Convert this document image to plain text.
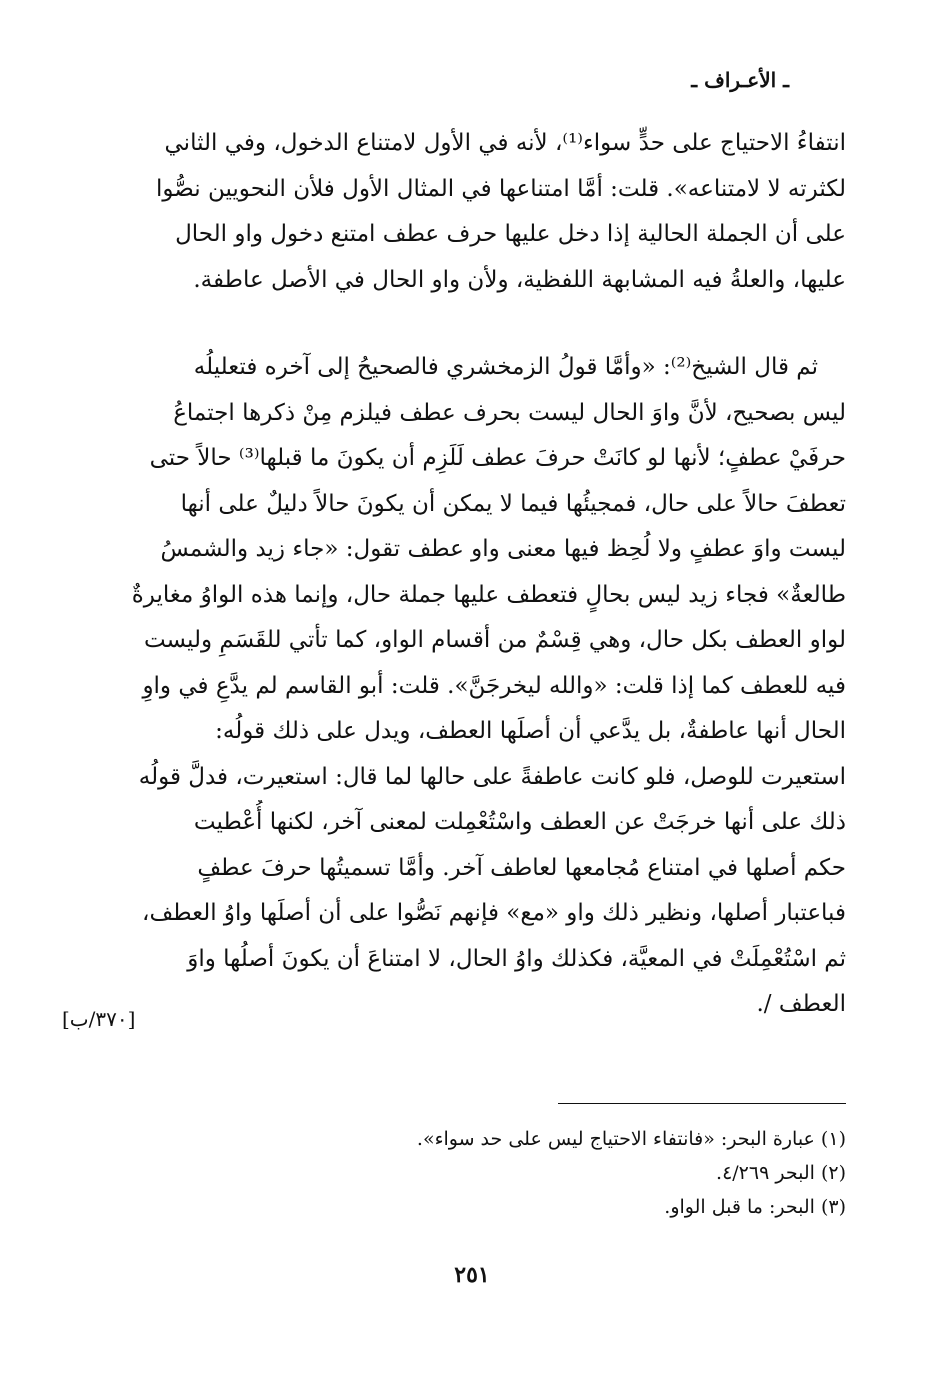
ـ الأعـراف ـ
انتفاءُ الاحتياج على حدٍّ سواء⁽¹⁾، لأنه في الأول لامتناع الدخول، وفي الثاني
لكثرته لا لامتناعه». قلت: أمَّا امتناعها في المثال الأول فلأن النحويين نصُّوا
على أن الجملة الحالية إذا دخل عليها حرف عطف امتنع دخول واو الحال
عليها، والعلةُ فيه المشابهة اللفظية، ولأن واو الحال في الأصل عاطفة.
ثم قال الشيخ⁽²⁾: «وأمَّا قولُ الزمخشري فالصحيحُ إلى آخره فتعليلُه
ليس بصحيح، لأنَّ واوَ الحال ليست بحرف عطف فيلزم مِنْ ذكرها اجتماعُ
حرفَيْ عطفٍ؛ لأنها لو كانَتْ حرفَ عطف لَلَزِم أن يكونَ ما قبلها⁽³⁾ حالاً حتى
تعطفَ حالاً على حال، فمجيئُها فيما لا يمكن أن يكونَ حالاً دليلٌ على أنها
ليست واوَ عطفٍ ولا لُحِظ فيها معنى واو عطف تقول: «جاء زيد والشمسُ
طالعةٌ» فجاء زيد ليس بحالٍ فتعطف عليها جملة حال، وإنما هذه الواوُ مغايرةٌ
لواو العطف بكل حال، وهي قِسْمٌ من أقسام الواو، كما تأتي للقَسَمِ وليست
فيه للعطف كما إذا قلت: «والله ليخرجَنَّ». قلت: أبو القاسم لم يدَّعِ في واوِ
الحال أنها عاطفةٌ، بل يدَّعي أن أصلَها العطف، ويدل على ذلك قولُه:
استعيرت للوصل، فلو كانت عاطفةً على حالها لما قال: استعيرت، فدلَّ قولُه
ذلك على أنها خرجَتْ عن العطف واسْتُعْمِلت لمعنى آخر، لكنها أُعْطيت
حكم أصلها في امتناع مُجامعها لعاطف آخر. وأمَّا تسميتُها حرفَ عطفٍ
فباعتبار أصلها، ونظير ذلك واو «مع» فإنهم نَصُّوا على أن أصلَها واوُ العطف،
ثم اسْتُعْمِلَتْ في المعيَّة، فكذلك واوُ الحال، لا امتناعَ أن يكونَ أصلُها واوَ
العطف /.
[٣٧٠/ب]
(١) عبارة البحر: «فانتفاء الاحتياج ليس على حد سواء».
(٢) البحر ٤/٢٦٩.
(٣) البحر: ما قبل الواو.
٢٥١
